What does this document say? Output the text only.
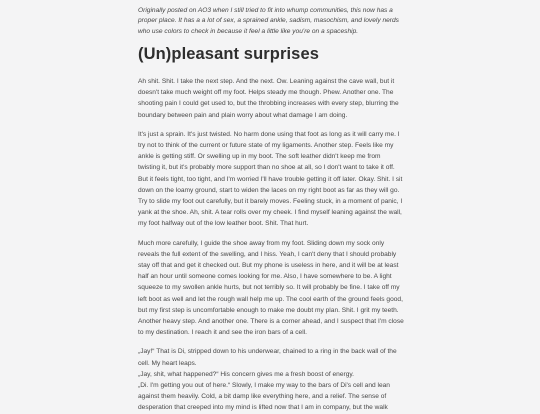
Originally posted on AO3 when I still tried to fit into whump communities, this now has a proper place. It has a a lot of sex, a sprained ankle, sadism, masochism, and lovely nerds who use colors to check in because it feel a little like you're on a spaceship.

(Un)pleasant surprises

Ah shit. Shit. I take the next step. And the next. Ow. Leaning against the cave wall, but it doesn't take much weight off my foot. Helps steady me though. Phew. Another one. The shooting pain I could get used to, but the throbbing increases with every step, blurring the boundary between pain and plain worry about what damage I am doing.

It's just a sprain. It's just twisted. No harm done using that foot as long as it will carry me. I try not to think of the current or future state of my ligaments. Another step. Feels like my ankle is getting stiff. Or swelling up in my boot. The soft leather didn't keep me from twisting it, but it's probably more support than no shoe at all, so I don't want to take it off. But it feels tight, too tight, and I'm worried I'll have trouble getting it off later. Okay. Shit. I sit down on the loamy ground, start to widen the laces on my right boot as far as they will go. Try to slide my foot out carefully, but it barely moves. Feeling stuck, in a moment of panic, I yank at the shoe. Ah, shit. A tear rolls over my cheek. I find myself leaning against the wall, my foot halfway out of the low leather boot. Shit. That hurt.

Much more carefully, I guide the shoe away from my foot. Sliding down my sock only reveals the full extent of the swelling, and I hiss. Yeah, I can't deny that I should probably stay off that and get it checked out. But my phone is useless in here, and it will be at least half an hour until someone comes looking for me. Also, I have somewhere to be. A light squeeze to my swollen ankle hurts, but not terribly so. It will probably be fine. I take off my left boot as well and let the rough wall help me up. The cool earth of the ground feels good, but my first step is uncomfortable enough to make me doubt my plan. Shit. I grit my teeth. Another heavy step. And another one. There is a corner ahead, and I suspect that I'm close to my destination. I reach it and see the iron bars of a cell.

„Jay!“ That is Di, stripped down to his underwear, chained to a ring in the back wall of the cell. My heart leaps.

„Jay, shit, what happened?“ His concern gives me a fresh boost of energy.

„Di. I'm getting you out of here.“ Slowly, I make my way to the bars of Di's cell and lean against them heavily. Cold, a bit damp like everything here, and a relief. The sense of desperation that creeped into my mind is lifted now that I am in company, but the walk
